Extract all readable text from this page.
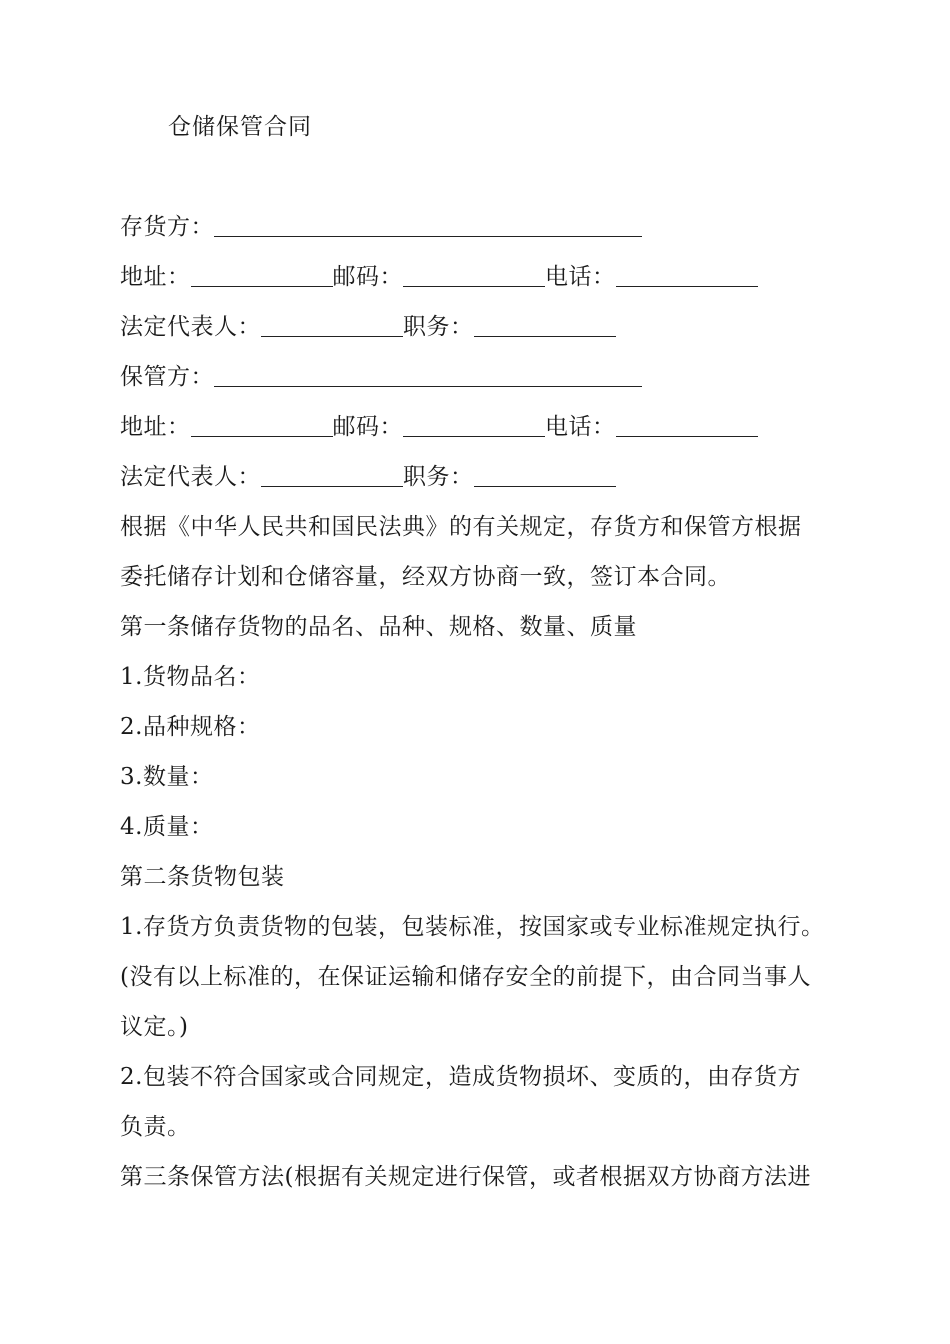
仓储保管合同
存货方：
地址：	邮码：	电话：
法定代表人：	职务：
保管方：
地址：	邮码：	电话：
法定代表人：	职务：
根据《中华人民共和国民法典》的有关规定，存货方和保管方根据
委托储存计划和仓储容量，经双方协商一致，签订本合同。
第一条储存货物的品名、品种、规格、数量、质量
1.货物品名：
2.品种规格：
3.数量：
4.质量：
第二条货物包装
1.存货方负责货物的包装，包装标准，按国家或专业标准规定执行。
(没有以上标准的，在保证运输和储存安全的前提下，由合同当事人
议定。)
2.包装不符合国家或合同规定，造成货物损坏、变质的，由存货方
负责。
第三条保管方法(根据有关规定进行保管，或者根据双方协商方法进
